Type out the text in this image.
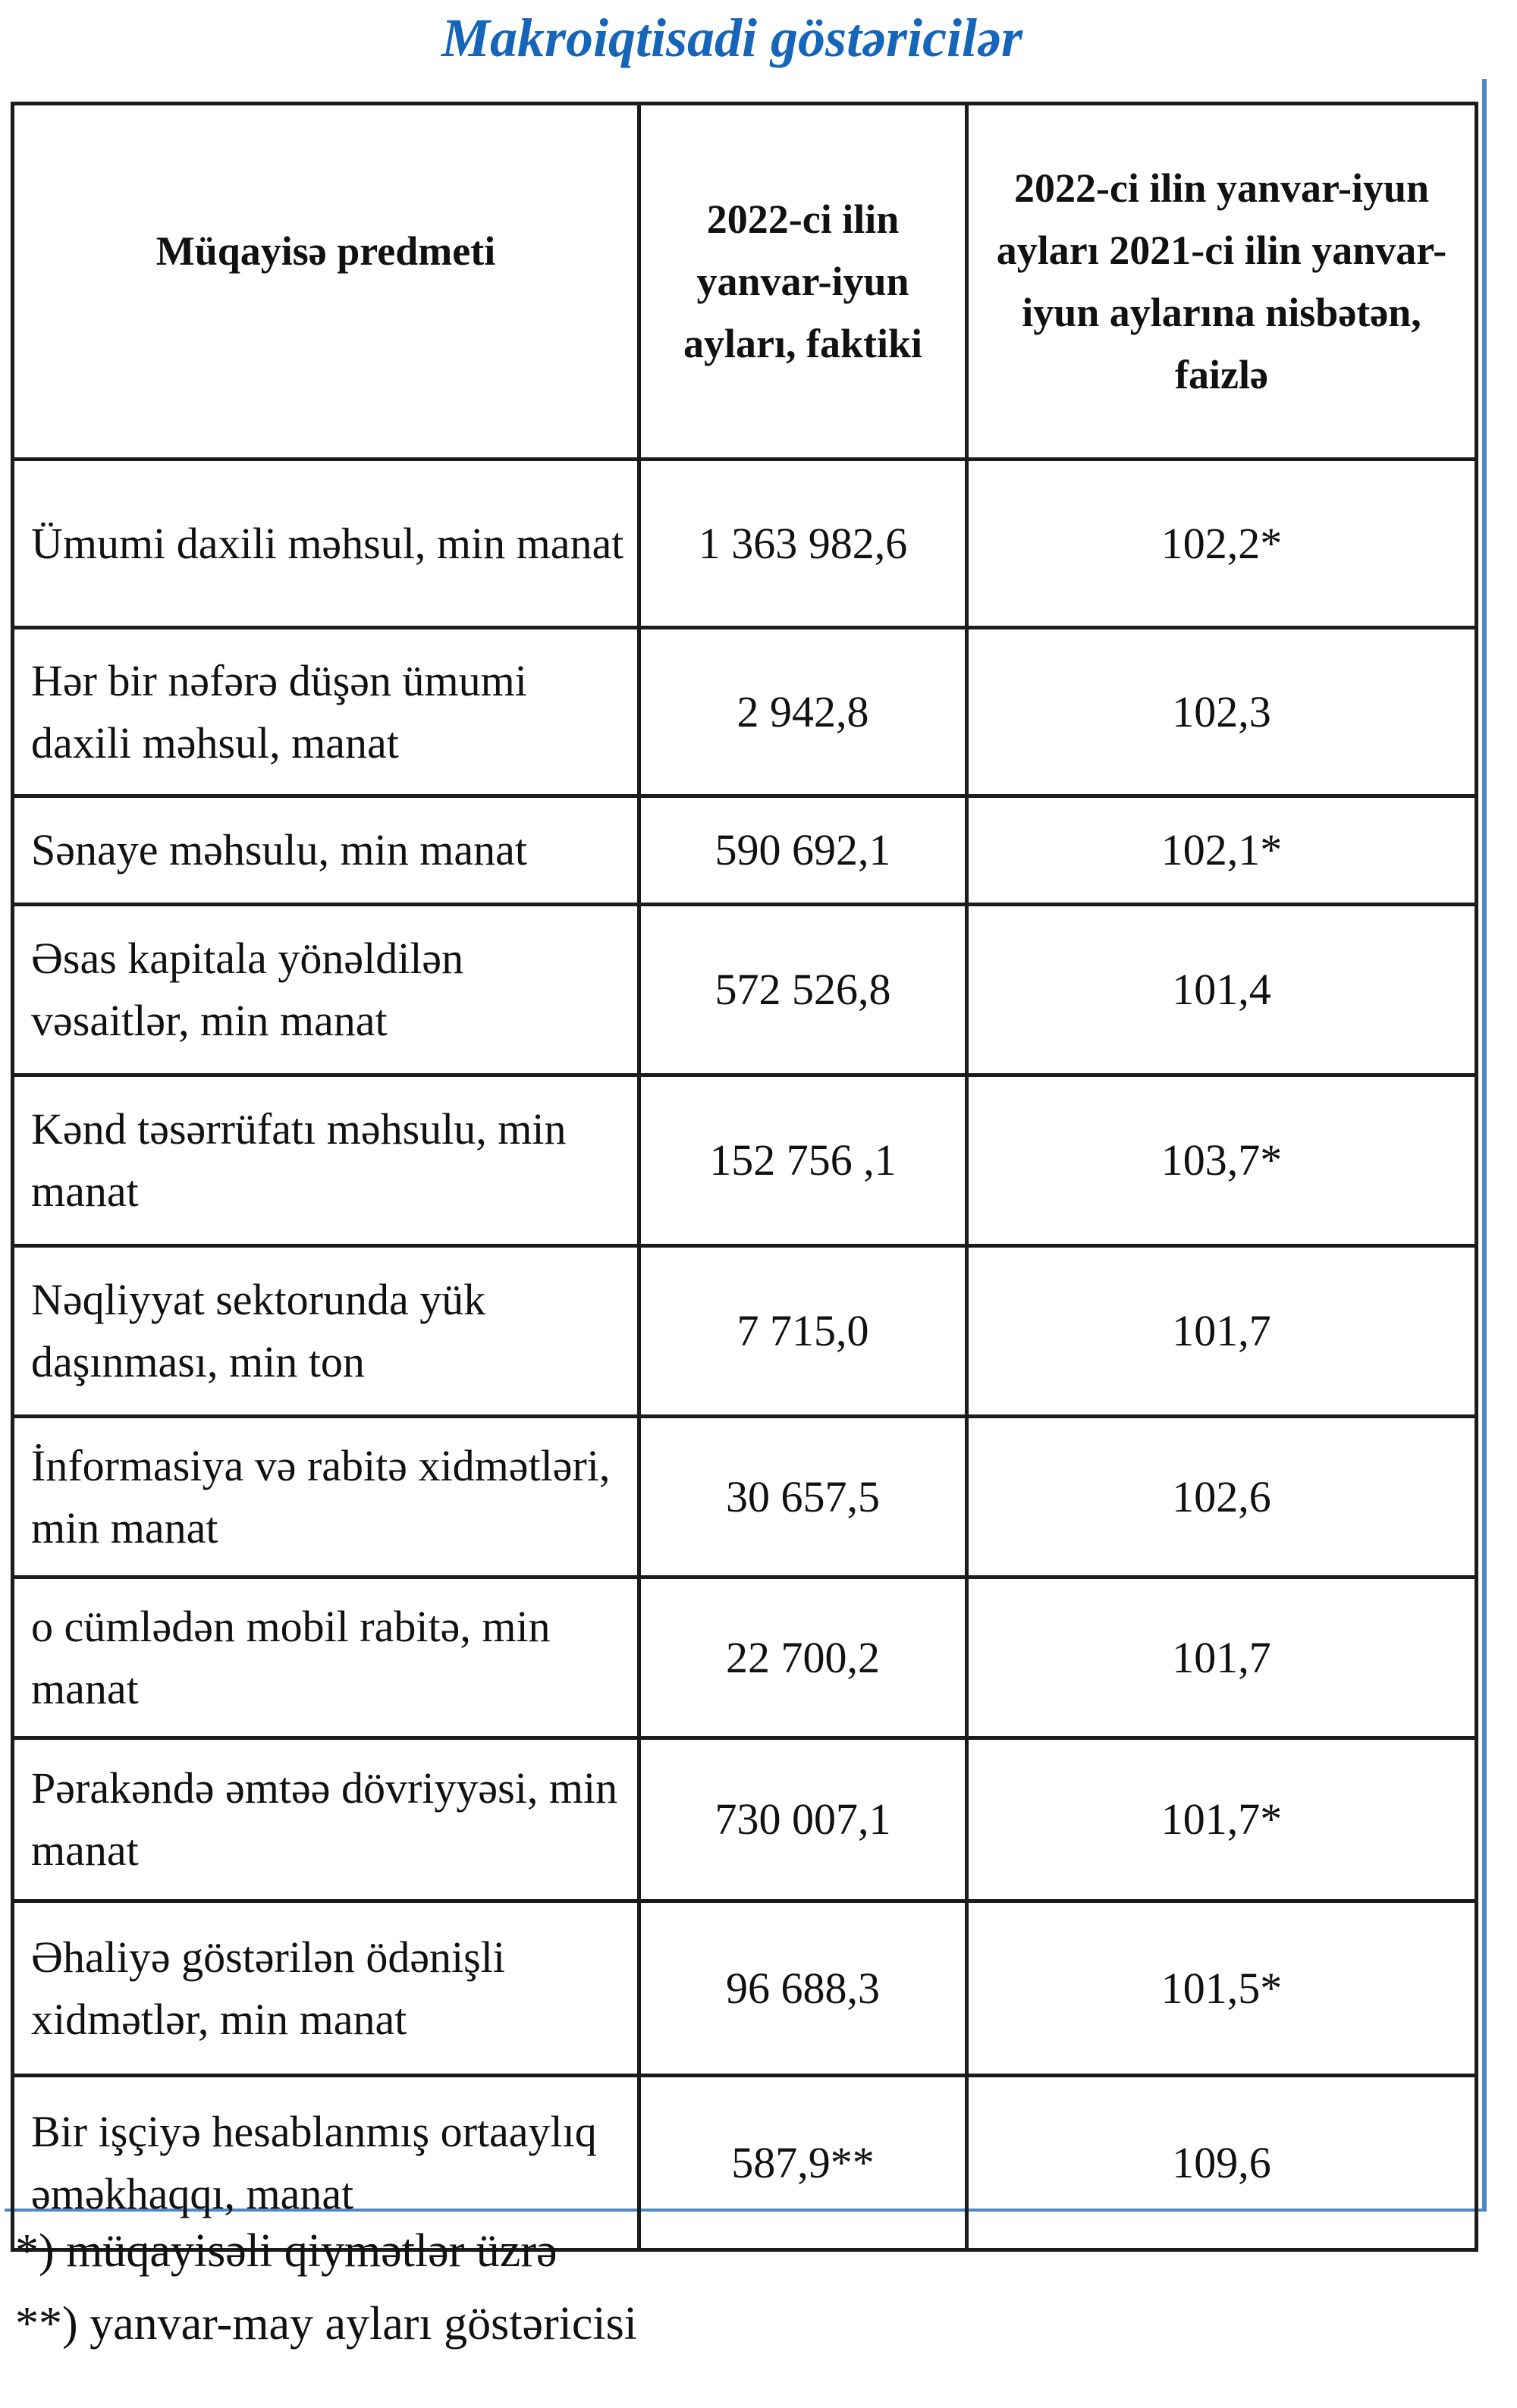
Makroiqtisadi göstəricilər
Müqayisə predmeti	2022-ci ilin yanvar-iyun ayları, faktiki	2022-ci ilin yanvar-iyun ayları 2021-ci ilin yanvar-iyun aylarına nisbətən, faizlə
Ümumi daxili məhsul, min manat	1 363 982,6	102,2*
Hər bir nəfərə düşən ümumi daxili məhsul, manat	2 942,8	102,3
Sənaye məhsulu, min manat	590 692,1	102,1*
Əsas kapitala yönəldilən vəsaitlər, min manat	572 526,8	101,4
Kənd təsərrüfatı məhsulu, min manat	152 756 ,1	103,7*
Nəqliyyat sektorunda yük daşınması, min ton	7 715,0	101,7
İnformasiya və rabitə xidmətləri, min manat	30 657,5	102,6
o cümlədən mobil rabitə, min manat	22 700,2	101,7
Pərakəndə əmtəə dövriyyəsi, min manat	730 007,1	101,7*
Əhaliyə göstərilən ödənişli xidmətlər, min manat	96 688,3	101,5*
Bir işçiyə hesablanmış ortaaylıq əməkhaqqı, manat	587,9**	109,6
*) müqayisəli qiymətlər üzrə
**) yanvar-may ayları göstəricisi
